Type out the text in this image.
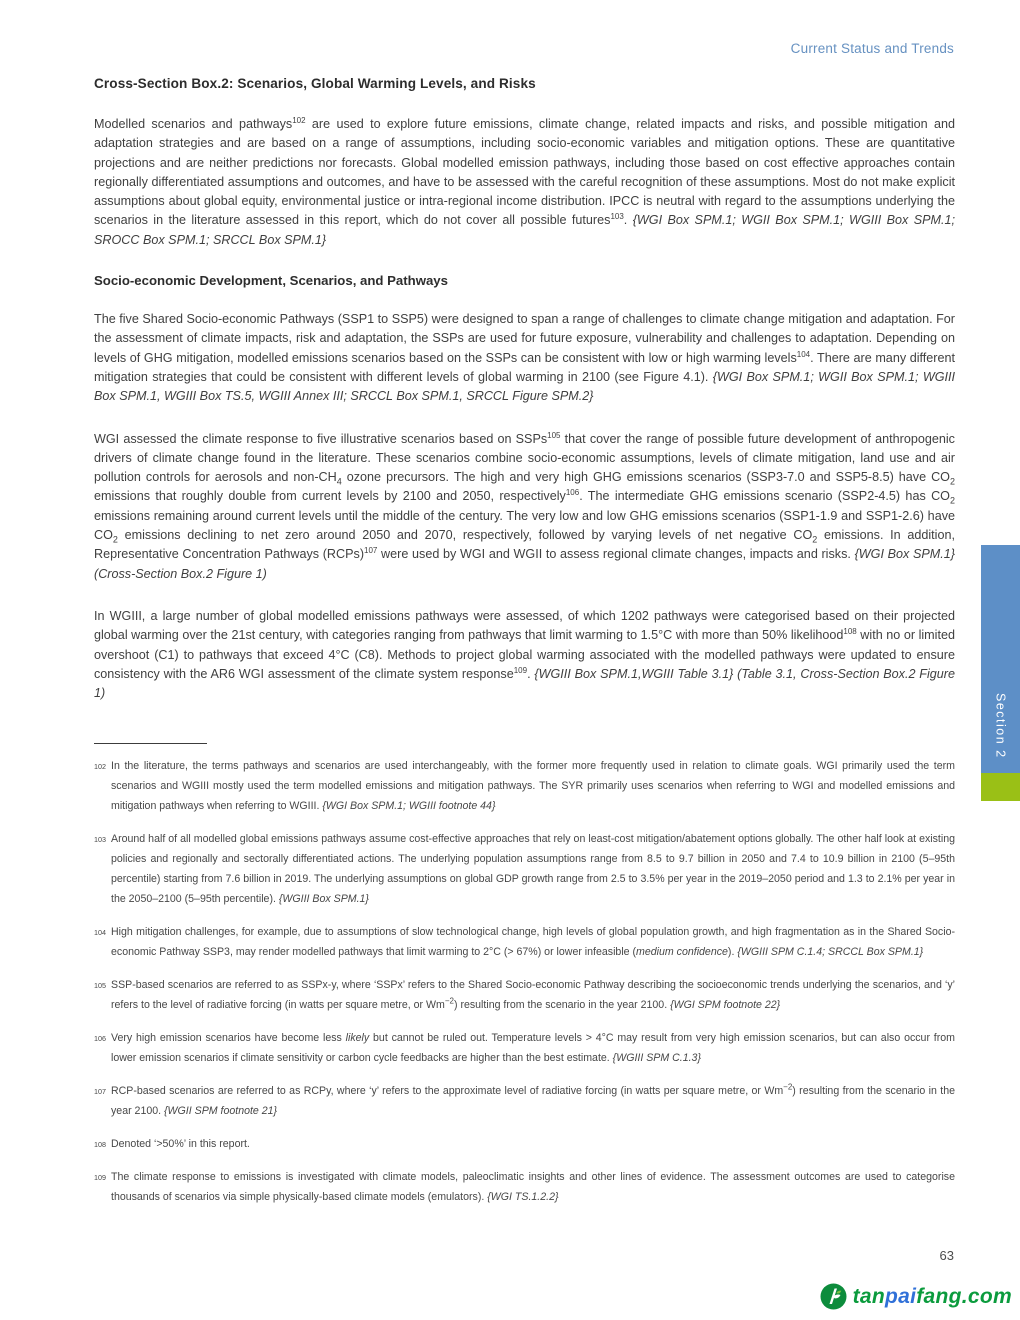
Current Status and Trends
Cross-Section Box.2: Scenarios, Global Warming Levels, and Risks

Modelled scenarios and pathways$^{102}$ are used to explore future emissions, climate change, related impacts and risks, and possible mitigation and adaptation strategies and are based on a range of assumptions, including socio-economic variables and mitigation options. These are quantitative projections and are neither predictions nor forecasts. Global modelled emission pathways, including those based on cost effective approaches contain regionally differentiated assumptions and outcomes, and have to be assessed with the careful recognition of these assumptions. Most do not make explicit assumptions about global equity, environmental justice or intra-regional income distribution. IPCC is neutral with regard to the assumptions underlying the scenarios in the literature assessed in this report, which do not cover all possible futures$^{103}$. {WGI Box SPM.1; WGII Box SPM.1; WGIII Box SPM.1; SROCC Box SPM.1; SRCCL Box SPM.1}

Socio-economic Development, Scenarios, and Pathways

The five Shared Socio-economic Pathways (SSP1 to SSP5) were designed to span a range of challenges to climate change mitigation and adaptation. For the assessment of climate impacts, risk and adaptation, the SSPs are used for future exposure, vulnerability and challenges to adaptation. Depending on levels of GHG mitigation, modelled emissions scenarios based on the SSPs can be consistent with low or high warming levels$^{104}$. There are many different mitigation strategies that could be consistent with different levels of global warming in 2100 (see Figure 4.1). {WGI Box SPM.1; WGII Box SPM.1; WGIII Box SPM.1, WGIII Box TS.5, WGIII Annex III; SRCCL Box SPM.1, SRCCL Figure SPM.2}

WGI assessed the climate response to five illustrative scenarios based on SSPs$^{105}$ that cover the range of possible future development of anthropogenic drivers of climate change found in the literature. These scenarios combine socio-economic assumptions, levels of climate mitigation, land use and air pollution controls for aerosols and non-$CH_4$ ozone precursors. The high and very high GHG emissions scenarios (SSP3-7.0 and SSP5-8.5) have $CO_2$ emissions that roughly double from current levels by 2100 and 2050, respectively$^{106}$. The intermediate GHG emissions scenario (SSP2-4.5) has $CO_2$ emissions remaining around current levels until the middle of the century. The very low and low GHG emissions scenarios (SSP1-1.9 and SSP1-2.6) have $CO_2$ emissions declining to net zero around 2050 and 2070, respectively, followed by varying levels of net negative $CO_2$ emissions. In addition, Representative Concentration Pathways (RCPs)$^{107}$ were used by WGI and WGII to assess regional climate changes, impacts and risks. {WGI Box SPM.1} (Cross-Section Box.2 Figure 1)

In WGIII, a large number of global modelled emissions pathways were assessed, of which 1202 pathways were categorised based on their projected global warming over the 21st century, with categories ranging from pathways that limit warming to 1.5°C with more than 50% likelihood$^{108}$ with no or limited overshoot (C1) to pathways that exceed 4°C (C8). Methods to project global warming associated with the modelled pathways were updated to ensure consistency with the AR6 WGI assessment of the climate system response$^{109}$. {WGIII Box SPM.1,WGIII Table 3.1} (Table 3.1, Cross-Section Box.2 Figure 1)

102 In the literature, the terms pathways and scenarios are used interchangeably, with the former more frequently used in relation to climate goals. WGI primarily used the term scenarios and WGIII mostly used the term modelled emissions and mitigation pathways. The SYR primarily uses scenarios when referring to WGI and modelled emissions and mitigation pathways when referring to WGIII. {WGI Box SPM.1; WGIII footnote 44}
103 Around half of all modelled global emissions pathways assume cost-effective approaches that rely on least-cost mitigation/abatement options globally. The other half look at existing policies and regionally and sectorally differentiated actions. The underlying population assumptions range from 8.5 to 9.7 billion in 2050 and 7.4 to 10.9 billion in 2100 (5–95th percentile) starting from 7.6 billion in 2019. The underlying assumptions on global GDP growth range from 2.5 to 3.5% per year in the 2019–2050 period and 1.3 to 2.1% per year in the 2050–2100 (5–95th percentile). {WGIII Box SPM.1}
104 High mitigation challenges, for example, due to assumptions of slow technological change, high levels of global population growth, and high fragmentation as in the Shared Socio-economic Pathway SSP3, may render modelled pathways that limit warming to 2°C (> 67%) or lower infeasible (medium confidence). {WGIII SPM C.1.4; SRCCL Box SPM.1}
105 SSP-based scenarios are referred to as SSPx-y, where ‘SSPx’ refers to the Shared Socio-economic Pathway describing the socioeconomic trends underlying the scenarios, and ‘y’ refers to the level of radiative forcing (in watts per square metre, or $Wm^{-2}$) resulting from the scenario in the year 2100. {WGI SPM footnote 22}
106 Very high emission scenarios have become less likely but cannot be ruled out. Temperature levels > 4°C may result from very high emission scenarios, but can also occur from lower emission scenarios if climate sensitivity or carbon cycle feedbacks are higher than the best estimate. {WGIII SPM C.1.3}
107 RCP-based scenarios are referred to as RCPy, where ‘y’ refers to the approximate level of radiative forcing (in watts per square metre, or $Wm^{-2}$) resulting from the scenario in the year 2100. {WGII SPM footnote 21}
108 Denoted ‘>50%’ in this report.
109 The climate response to emissions is investigated with climate models, paleoclimatic insights and other lines of evidence. The assessment outcomes are used to categorise thousands of scenarios via simple physically-based climate models (emulators). {WGI TS.1.2.2}
Section 2
63
tanpaifang.com
